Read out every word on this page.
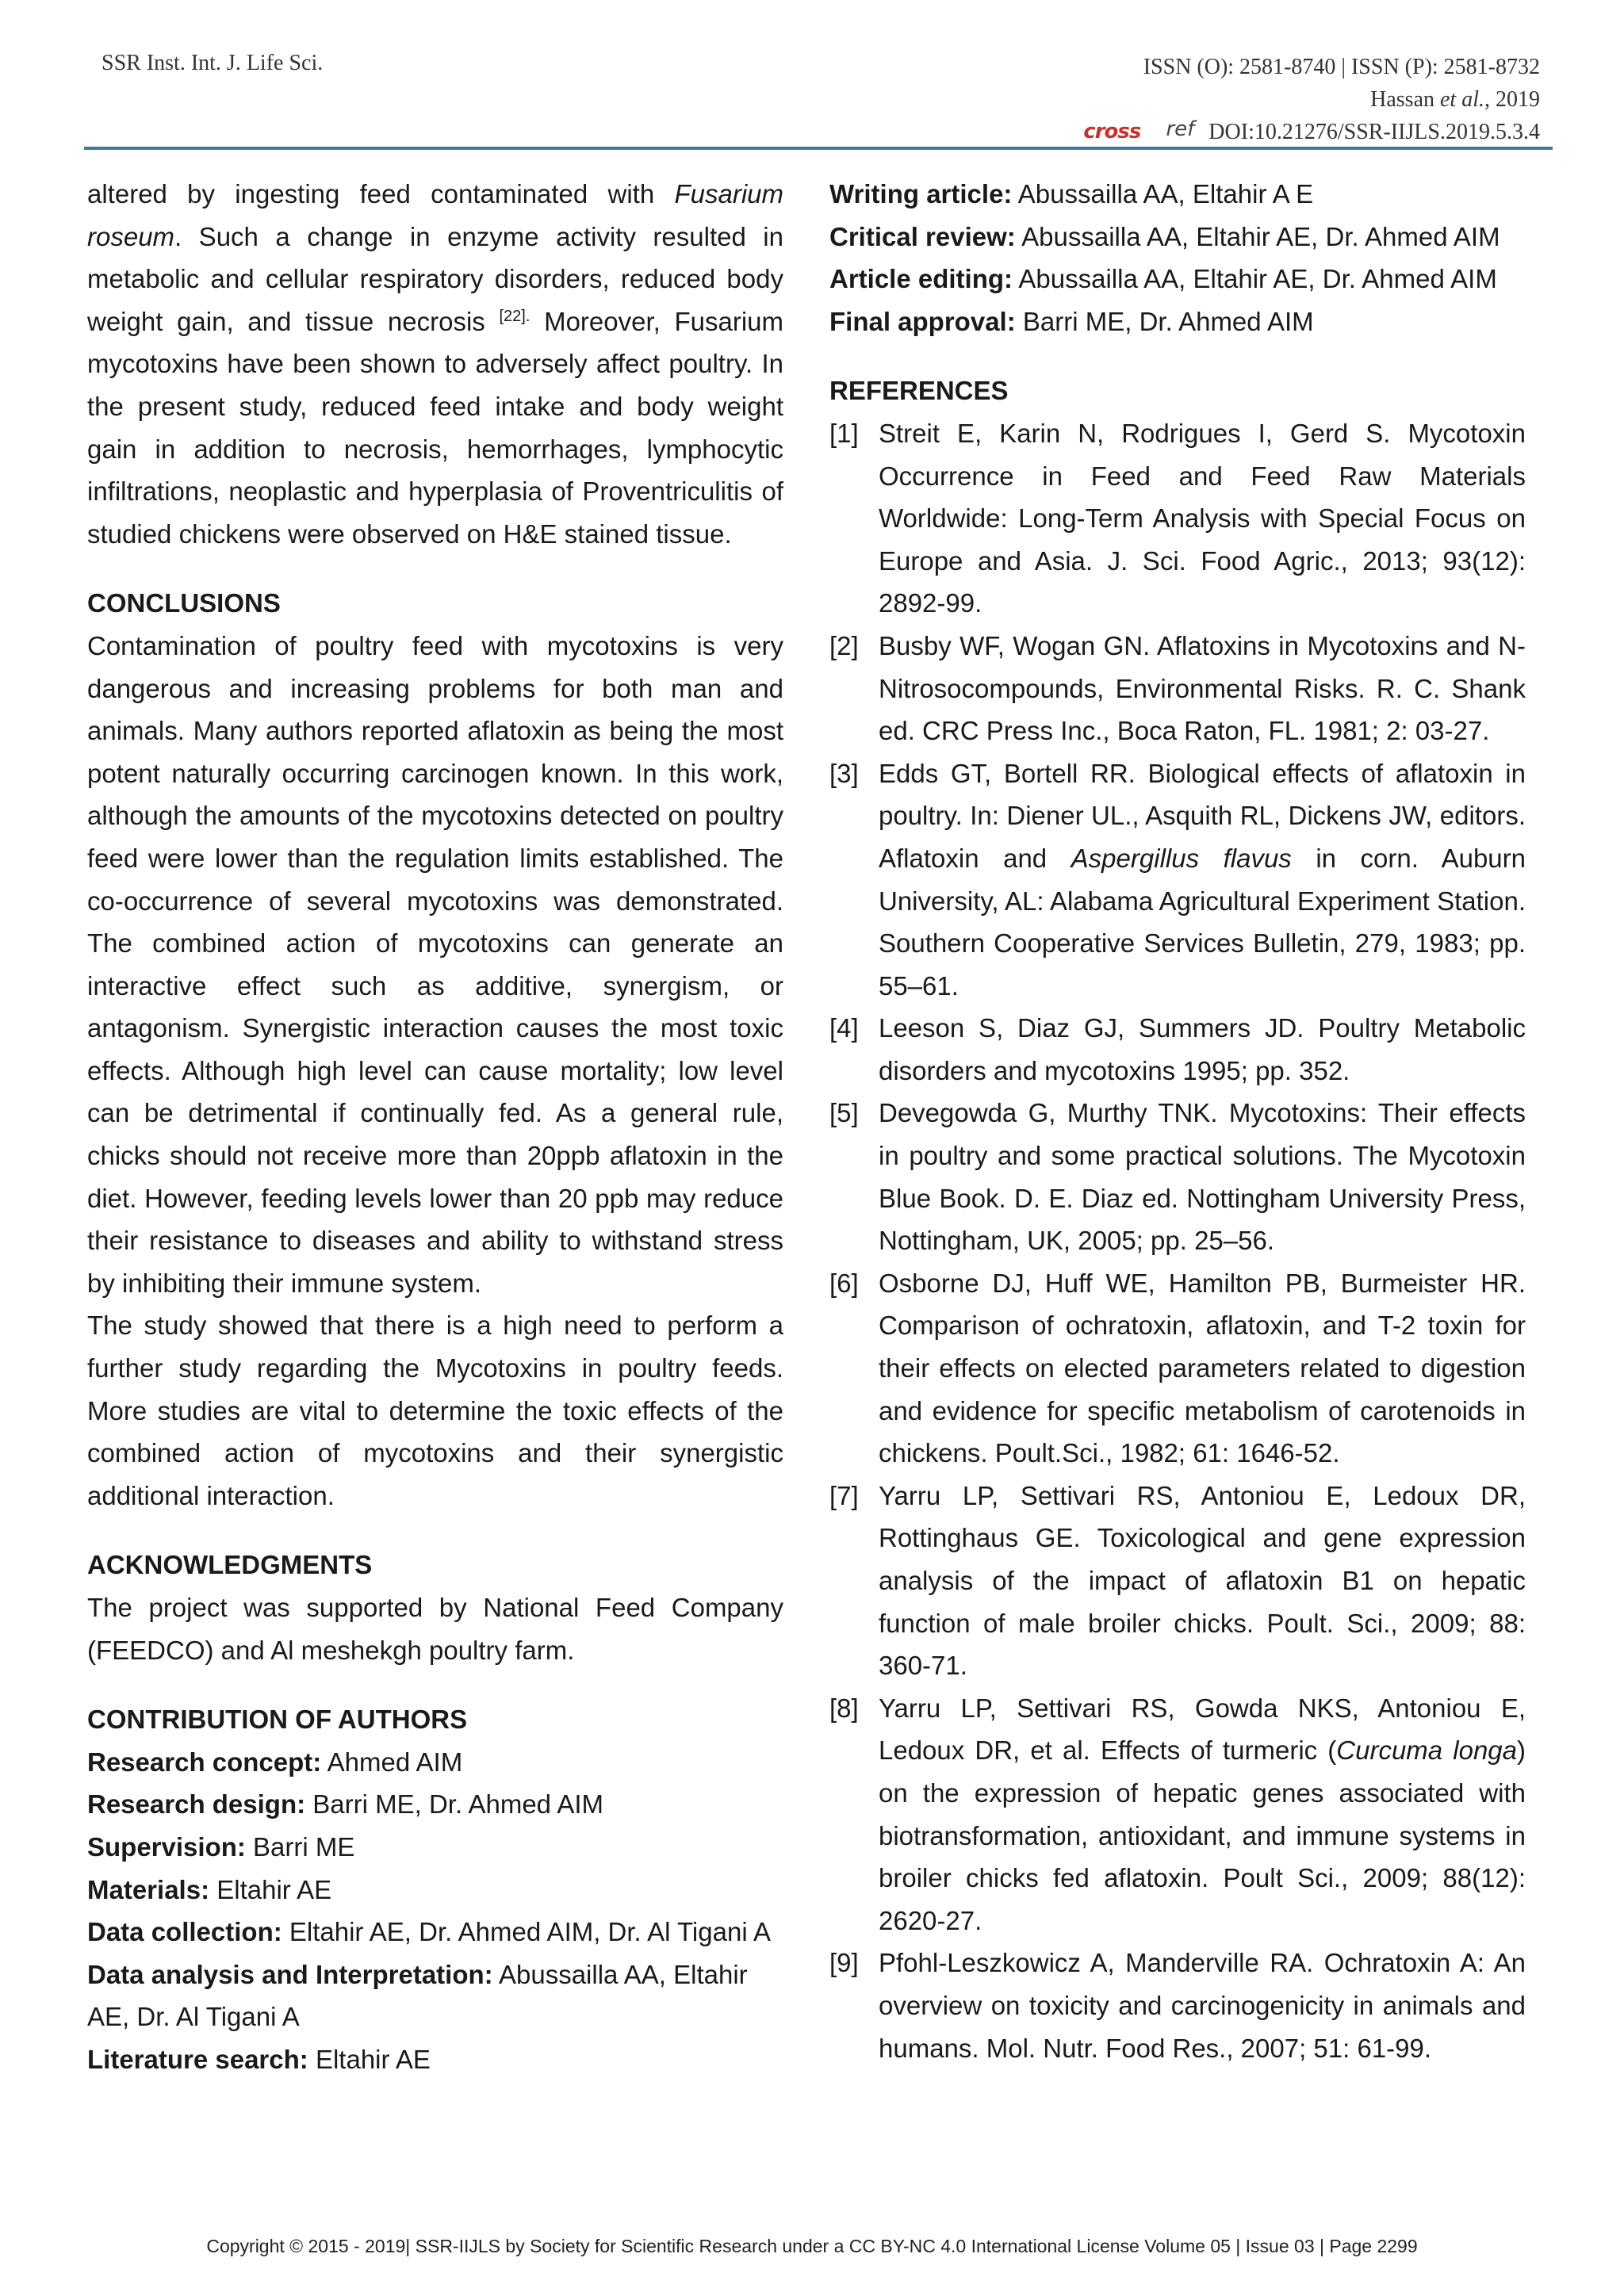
SSR Inst. Int. J. Life Sci.	ISSN (O): 2581-8740 | ISSN (P): 2581-8732
Hassan et al., 2019
cross ref DOI:10.21276/SSR-IIJLS.2019.5.3.4

altered by ingesting feed contaminated with Fusarium roseum. Such a change in enzyme activity resulted in metabolic and cellular respiratory disorders, reduced body weight gain, and tissue necrosis $^{[22].}$ Moreover, Fusarium mycotoxins have been shown to adversely affect poultry. In the present study, reduced feed intake and body weight gain in addition to necrosis, hemorrhages, lymphocytic infiltrations, neoplastic and hyperplasia of Proventriculitis of studied chickens were observed on H&E stained tissue.

CONCLUSIONS

Contamination of poultry feed with mycotoxins is very dangerous and increasing problems for both man and animals. Many authors reported aflatoxin as being the most potent naturally occurring carcinogen known. In this work, although the amounts of the mycotoxins detected on poultry feed were lower than the regulation limits established. The co-occurrence of several mycotoxins was demonstrated. The combined action of mycotoxins can generate an interactive effect such as additive, synergism, or antagonism. Synergistic interaction causes the most toxic effects. Although high level can cause mortality; low level can be detrimental if continually fed. As a general rule, chicks should not receive more than 20ppb aflatoxin in the diet. However, feeding levels lower than 20 ppb may reduce their resistance to diseases and ability to withstand stress by inhibiting their immune system.

The study showed that there is a high need to perform a further study regarding the Mycotoxins in poultry feeds. More studies are vital to determine the toxic effects of the combined action of mycotoxins and their synergistic additional interaction.

ACKNOWLEDGMENTS

The project was supported by National Feed Company (FEEDCO) and Al meshekgh poultry farm.

CONTRIBUTION OF AUTHORS

Research concept: Ahmed AIM

Research design: Barri ME, Dr. Ahmed AIM

Supervision: Barri ME

Materials: Eltahir AE

Data collection: Eltahir AE, Dr. Ahmed AIM, Dr. Al Tigani A

Data analysis and Interpretation: Abussailla AA, Eltahir AE, Dr. Al Tigani A

Literature search: Eltahir AE

Writing article: Abussailla AA, Eltahir A E

Critical review: Abussailla AA, Eltahir AE, Dr. Ahmed AIM

Article editing: Abussailla AA, Eltahir AE, Dr. Ahmed AIM

Final approval: Barri ME, Dr. Ahmed AIM

REFERENCES
[1] Streit E, Karin N, Rodrigues I, Gerd S. Mycotoxin Occurrence in Feed and Feed Raw Materials Worldwide: Long-Term Analysis with Special Focus on Europe and Asia. J. Sci. Food Agric., 2013; 93(12): 2892-99.
[2] Busby WF, Wogan GN. Aflatoxins in Mycotoxins and N-Nitrosocompounds, Environmental Risks. R. C. Shank ed. CRC Press Inc., Boca Raton, FL. 1981; 2: 03-27.
[3] Edds GT, Bortell RR. Biological effects of aflatoxin in poultry. In: Diener UL., Asquith RL, Dickens JW, editors. Aflatoxin and Aspergillus flavus in corn. Auburn University, AL: Alabama Agricultural Experiment Station. Southern Cooperative Services Bulletin, 279, 1983; pp. 55–61.
[4] Leeson S, Diaz GJ, Summers JD. Poultry Metabolic disorders and mycotoxins 1995; pp. 352.
[5] Devegowda G, Murthy TNK. Mycotoxins: Their effects in poultry and some practical solutions. The Mycotoxin Blue Book. D. E. Diaz ed. Nottingham University Press, Nottingham, UK, 2005; pp. 25–56.
[6] Osborne DJ, Huff WE, Hamilton PB, Burmeister HR. Comparison of ochratoxin, aflatoxin, and T-2 toxin for their effects on elected parameters related to digestion and evidence for specific metabolism of carotenoids in chickens. Poult.Sci., 1982; 61: 1646-52.
[7] Yarru LP, Settivari RS, Antoniou E, Ledoux DR, Rottinghaus GE. Toxicological and gene expression analysis of the impact of aflatoxin B1 on hepatic function of male broiler chicks. Poult. Sci., 2009; 88: 360-71.
[8] Yarru LP, Settivari RS, Gowda NKS, Antoniou E, Ledoux DR, et al. Effects of turmeric (Curcuma longa) on the expression of hepatic genes associated with biotransformation, antioxidant, and immune systems in broiler chicks fed aflatoxin. Poult Sci., 2009; 88(12): 2620-27.
[9] Pfohl-Leszkowicz A, Manderville RA. Ochratoxin A: An overview on toxicity and carcinogenicity in animals and humans. Mol. Nutr. Food Res., 2007; 51: 61-99.
Copyright © 2015 - 2019| SSR-IIJLS by Society for Scientific Research under a CC BY-NC 4.0 International License Volume 05 | Issue 03 | Page 2299
